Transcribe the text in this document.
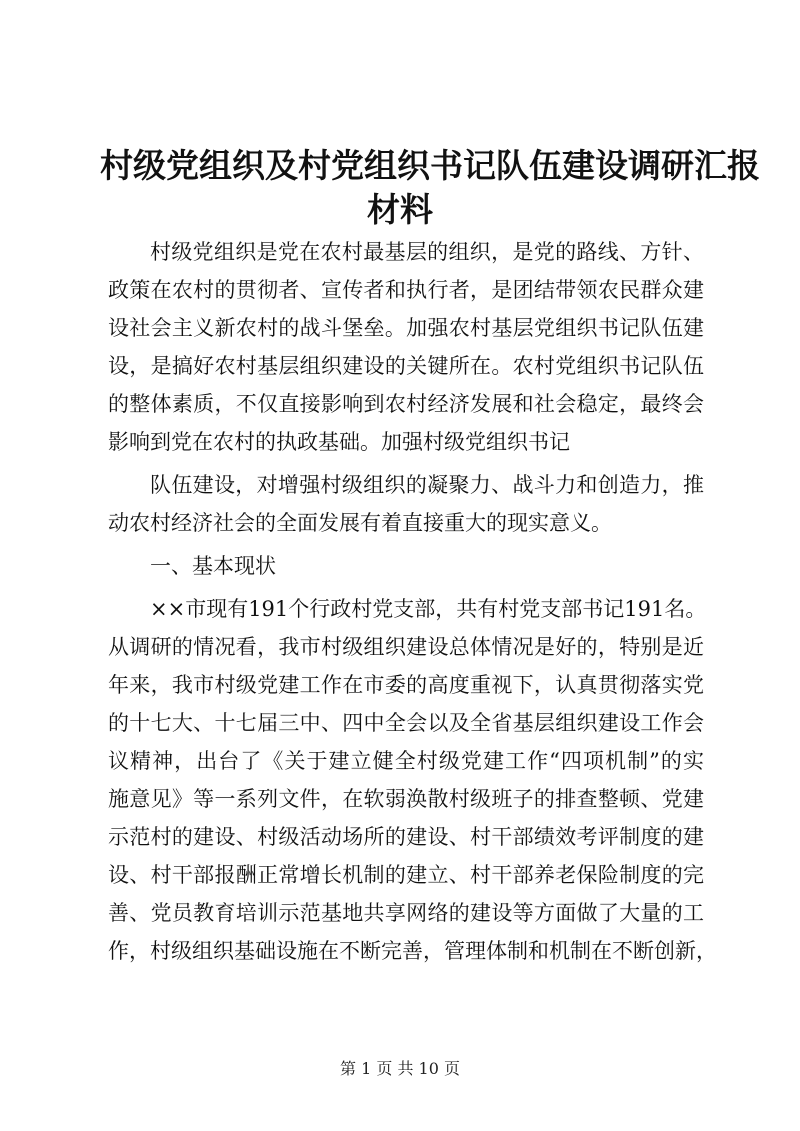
村级党组织及村党组织书记队伍建设调研汇报
材料
村级党组织是党在农村最基层的组织，是党的路线、方针、
政策在农村的贯彻者、宣传者和执行者，是团结带领农民群众建
设社会主义新农村的战斗堡垒。加强农村基层党组织书记队伍建
设，是搞好农村基层组织建设的关键所在。农村党组织书记队伍
的整体素质，不仅直接影响到农村经济发展和社会稳定，最终会
影响到党在农村的执政基础。加强村级党组织书记
队伍建设，对增强村级组织的凝聚力、战斗力和创造力，推
动农村经济社会的全面发展有着直接重大的现实意义。
一、基本现状
××市现有191个行政村党支部，共有村党支部书记191名。
从调研的情况看，我市村级组织建设总体情况是好的，特别是近
年来，我市村级党建工作在市委的高度重视下，认真贯彻落实党
的十七大、十七届三中、四中全会以及全省基层组织建设工作会
议精神，出台了《关于建立健全村级党建工作“四项机制”的实
施意见》等一系列文件，在软弱涣散村级班子的排查整顿、党建
示范村的建设、村级活动场所的建设、村干部绩效考评制度的建
设、村干部报酬正常增长机制的建立、村干部养老保险制度的完
善、党员教育培训示范基地共享网络的建设等方面做了大量的工
作，村级组织基础设施在不断完善，管理体制和机制在不断创新，
第 1 页 共 10 页
